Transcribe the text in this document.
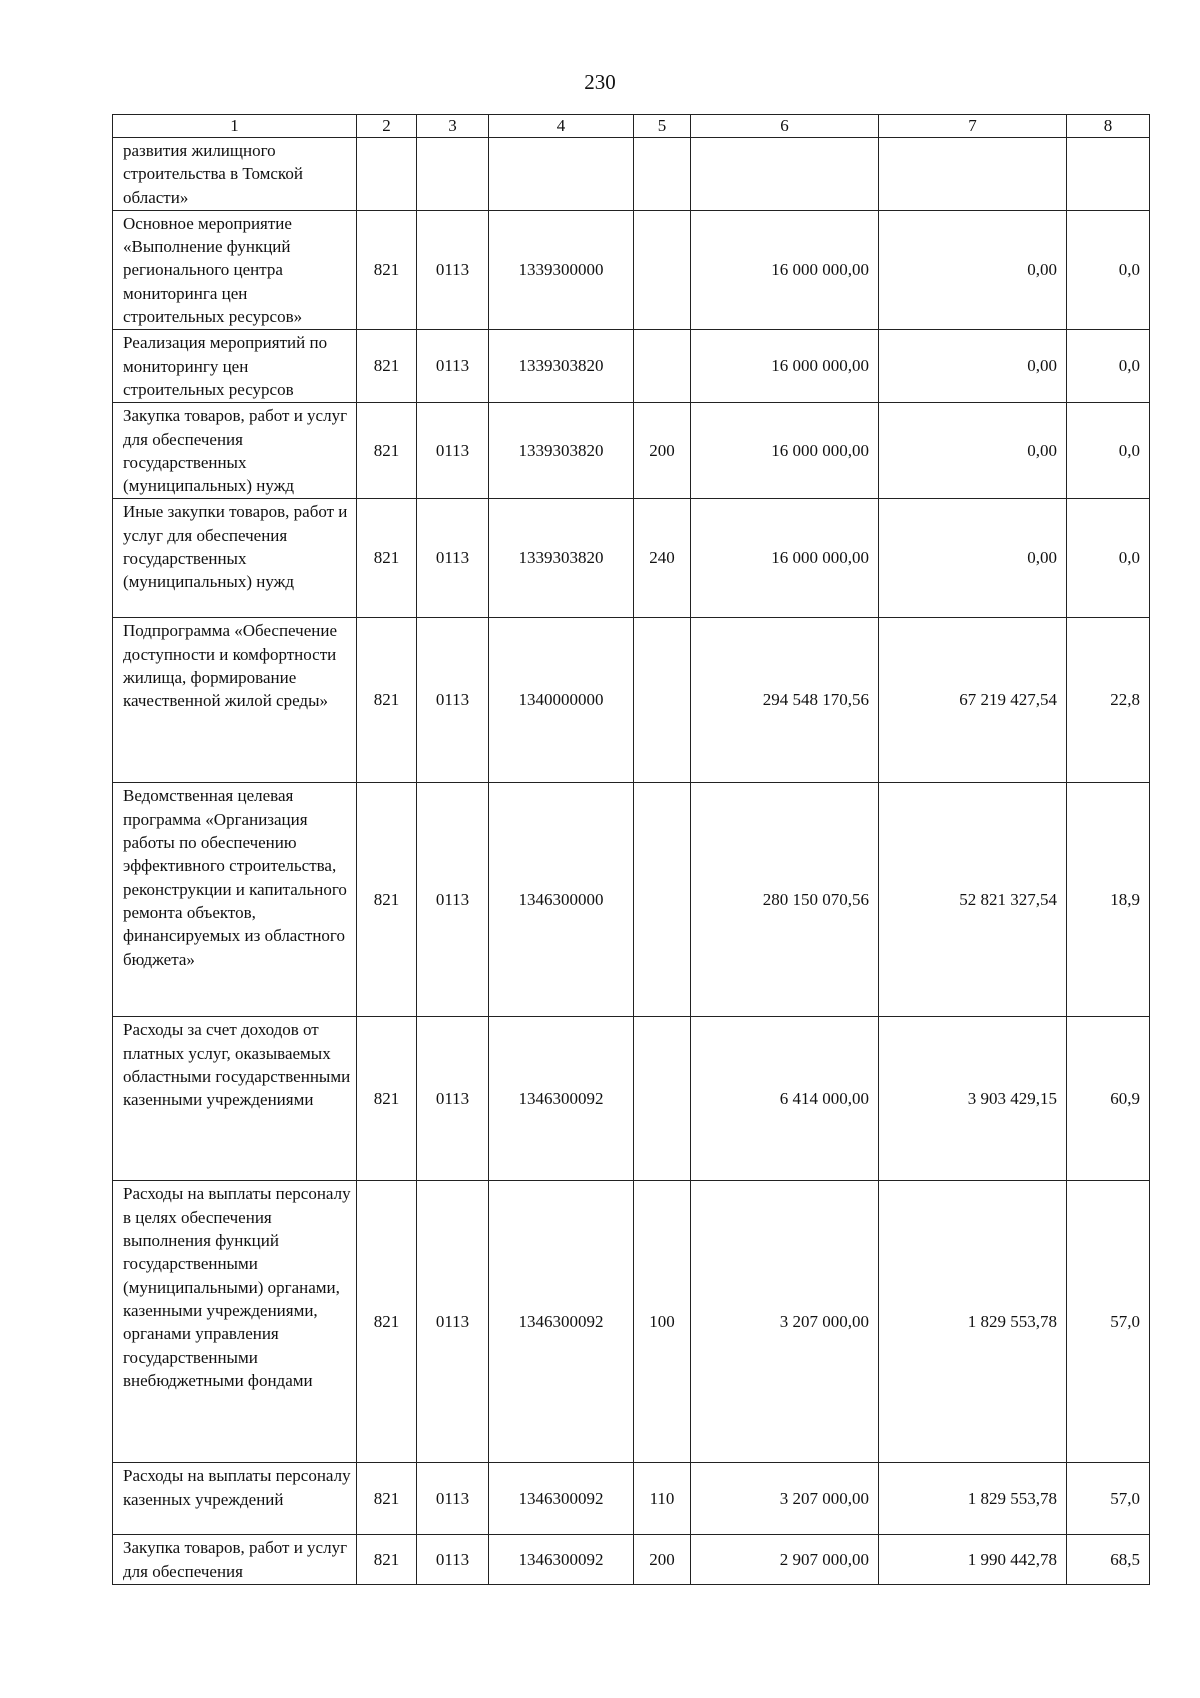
230
1	2	3	4	5	6	7	8
развития жилищного строительства в Томской области»							
Основное мероприятие «Выполнение функций регионального центра мониторинга цен строительных ресурсов»	821	0113	1339300000		16 000 000,00	0,00	0,0
Реализация мероприятий по мониторингу цен строительных ресурсов	821	0113	1339303820		16 000 000,00	0,00	0,0
Закупка товаров, работ и услуг для обеспечения государственных (муниципальных) нужд	821	0113	1339303820	200	16 000 000,00	0,00	0,0
Иные закупки товаров, работ и услуг для обеспечения государственных (муниципальных) нужд	821	0113	1339303820	240	16 000 000,00	0,00	0,0
Подпрограмма «Обеспечение доступности и комфортности жилища, формирование качественной жилой среды»	821	0113	1340000000		294 548 170,56	67 219 427,54	22,8
Ведомственная целевая программа «Организация работы по обеспечению эффективного строительства, реконструкции и капитального ремонта объектов, финансируемых из областного бюджета»	821	0113	1346300000		280 150 070,56	52 821 327,54	18,9
Расходы за счет доходов от платных услуг, оказываемых областными государственными казенными учреждениями	821	0113	1346300092		6 414 000,00	3 903 429,15	60,9
Расходы на выплаты персоналу в целях обеспечения выполнения функций государственными (муниципальными) органами, казенными учреждениями, органами управления государственными внебюджетными фондами	821	0113	1346300092	100	3 207 000,00	1 829 553,78	57,0
Расходы на выплаты персоналу казенных учреждений	821	0113	1346300092	110	3 207 000,00	1 829 553,78	57,0
Закупка товаров, работ и услуг для обеспечения	821	0113	1346300092	200	2 907 000,00	1 990 442,78	68,5
